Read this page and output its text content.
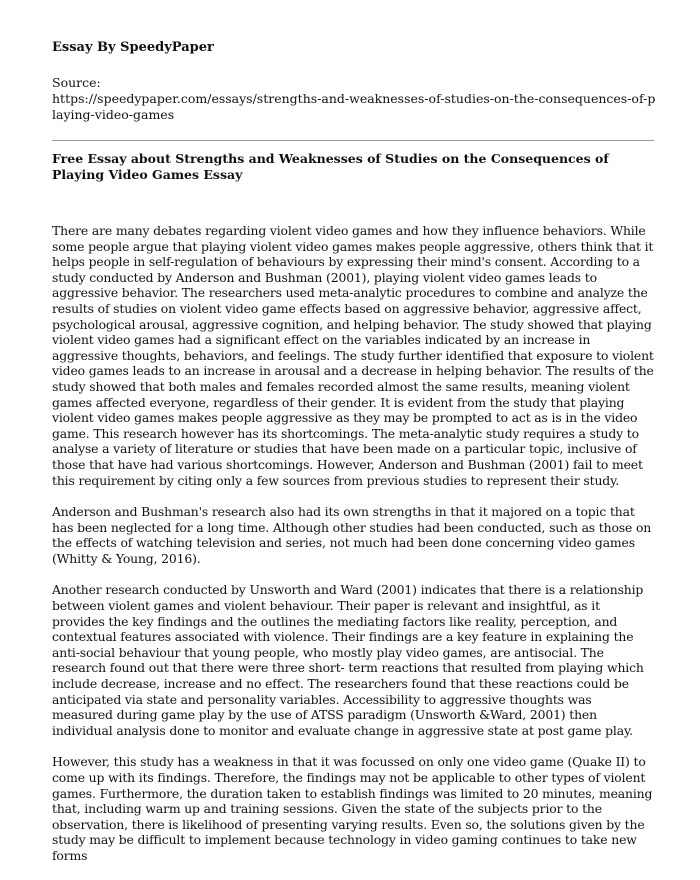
Essay By SpeedyPaper

Source:

https://speedypaper.com/essays/strengths-and-weaknesses-of-studies-on-the-consequences-of-playing-video-games

Free Essay about Strengths and Weaknesses of Studies on the Consequences of Playing Video Games Essay

There are many debates regarding violent video games and how they influence behaviors. While some people argue that playing violent video games makes people aggressive, others think that it helps people in self-regulation of behaviours by expressing their mind's consent. According to a study conducted by Anderson and Bushman (2001), playing violent video games leads to aggressive behavior. The researchers used meta-analytic procedures to combine and analyze the results of studies on violent video game effects based on aggressive behavior, aggressive affect, psychological arousal, aggressive cognition, and helping behavior. The study showed that playing violent video games had a significant effect on the variables indicated by an increase in aggressive thoughts, behaviors, and feelings. The study further identified that exposure to violent video games leads to an increase in arousal and a decrease in helping behavior. The results of the study showed that both males and females recorded almost the same results, meaning violent games affected everyone, regardless of their gender. It is evident from the study that playing violent video games makes people aggressive as they may be prompted to act as is in the video game. This research however has its shortcomings. The meta-analytic study requires a study to analyse a variety of literature or studies that have been made on a particular topic, inclusive of those that have had various shortcomings. However, Anderson and Bushman (2001) fail to meet this requirement by citing only a few sources from previous studies to represent their study.

Anderson and Bushman's research also had its own strengths in that it majored on a topic that has been neglected for a long time. Although other studies had been conducted, such as those on the effects of watching television and series, not much had been done concerning video games (Whitty & Young, 2016).

Another research conducted by Unsworth and Ward (2001) indicates that there is a relationship between violent games and violent behaviour. Their paper is relevant and insightful, as it provides the key findings and the outlines the mediating factors like reality, perception, and contextual features associated with violence. Their findings are a key feature in explaining the anti-social behaviour that young people, who mostly play video games, are antisocial. The research found out that there were three short- term reactions that resulted from playing which include decrease, increase and no effect. The researchers found that these reactions could be anticipated via state and personality variables. Accessibility to aggressive thoughts was measured during game play by the use of ATSS paradigm (Unsworth &Ward, 2001) then individual analysis done to monitor and evaluate change in aggressive state at post game play.

However, this study has a weakness in that it was focussed on only one video game (Quake II) to come up with its findings. Therefore, the findings may not be applicable to other types of violent games. Furthermore, the duration taken to establish findings was limited to 20 minutes, meaning that, including warm up and training sessions. Given the state of the subjects prior to the observation, there is likelihood of presenting varying results. Even so, the solutions given by the study may be difficult to implement because technology in video gaming continues to take new forms
